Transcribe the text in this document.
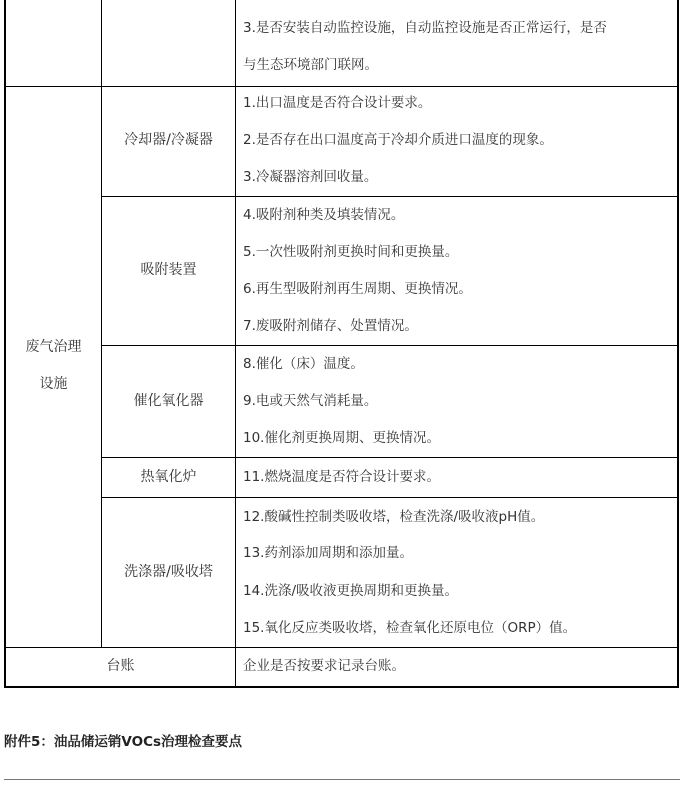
3.是否安装自动监控设施，自动监控设施是否正常运行，是否
与生态环境部门联网。
废气治理
设施
冷却器/冷凝器
吸附装置
催化氧化器
热氧化炉
洗涤器/吸收塔
1.出口温度是否符合设计要求。
2.是否存在出口温度高于冷却介质进口温度的现象。
3.冷凝器溶剂回收量。
4.吸附剂种类及填装情况。
5.一次性吸附剂更换时间和更换量。
6.再生型吸附剂再生周期、更换情况。
7.废吸附剂储存、处置情况。
8.催化（床）温度。
9.电或天然气消耗量。
10.催化剂更换周期、更换情况。
11.燃烧温度是否符合设计要求。
12.酸碱性控制类吸收塔，检查洗涤/吸收液pH值。
13.药剂添加周期和添加量。
14.洗涤/吸收液更换周期和更换量。
15.氧化反应类吸收塔，检查氧化还原电位（ORP）值。
台账	企业是否按要求记录台账。
附件5：油品储运销VOCs治理检查要点
